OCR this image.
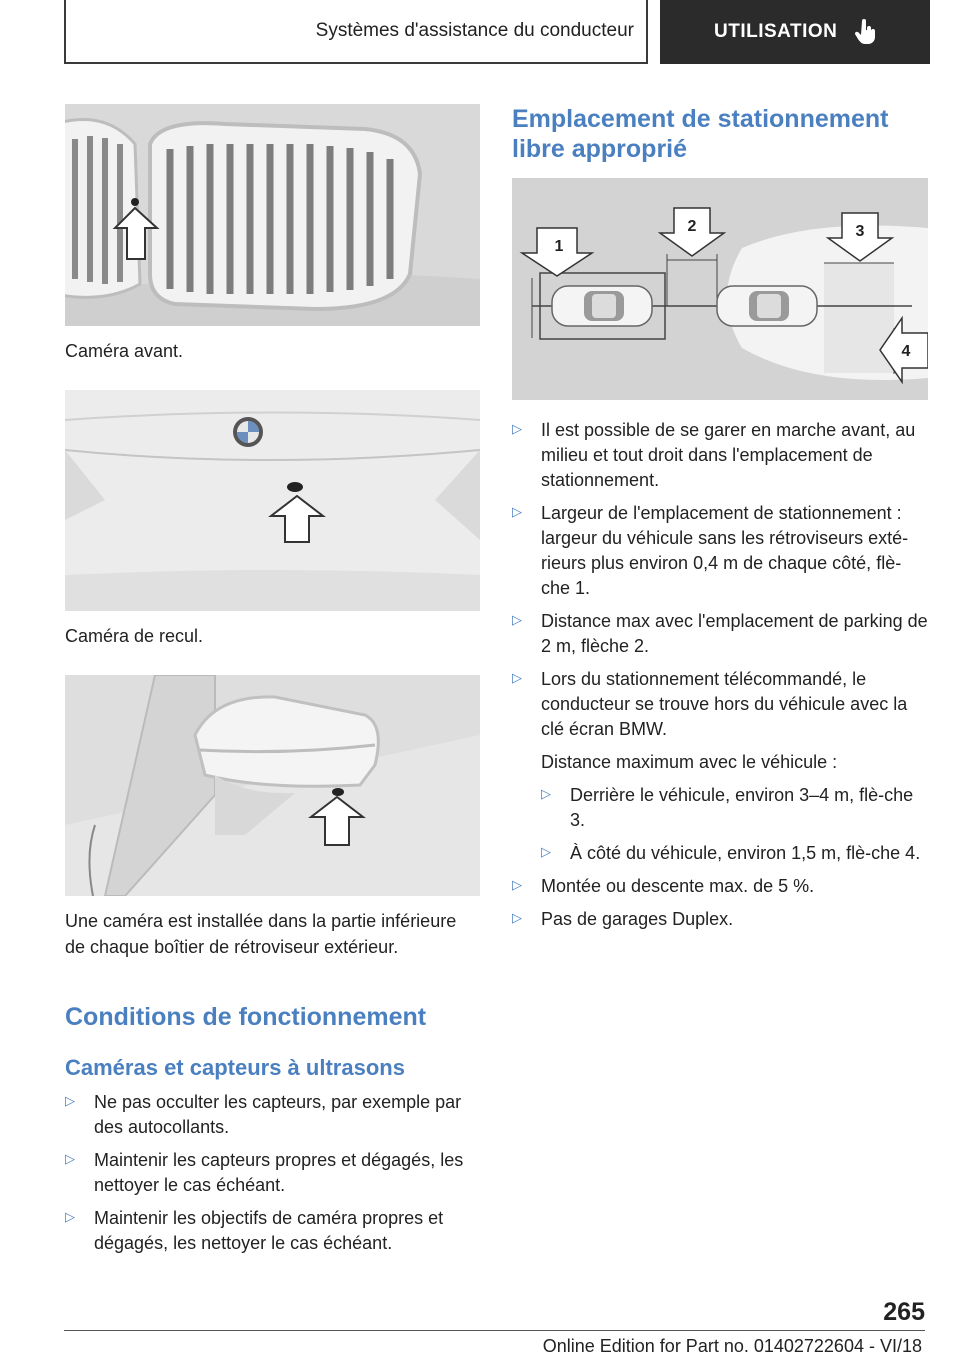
Systèmes d'assistance du conducteur	UTILISATION

Caméra avant.

Caméra de recul.

Une caméra est installée dans la partie inférieure de chaque boîtier de rétroviseur extérieur.

Conditions de fonctionnement
Caméras et capteurs à ultrasons
▷	Ne pas occulter les capteurs, par exemple par des autocollants.
▷	Maintenir les capteurs propres et dégagés, les nettoyer le cas échéant.
▷	Maintenir les objectifs de caméra propres et dégagés, les nettoyer le cas échéant.
Emplacement de stationnement libre approprié
1
2	3
4
▷	Il est possible de se garer en marche avant, au milieu et tout droit dans l'emplacement de stationnement.
▷	Largeur de l'emplacement de stationnement : largeur du véhicule sans les rétroviseurs exté-rieurs plus environ 0,4 m de chaque côté, flè-che 1.
▷	Distance max avec l'emplacement de parking de 2 m, flèche 2.
▷	Lors du stationnement télécommandé, le conducteur se trouve hors du véhicule avec la clé écran BMW.

Distance maximum avec le véhicule :

▷	Derrière le véhicule, environ 3–4 m, flè-che 3.
▷	À côté du véhicule, environ 1,5 m, flè-che 4.
▷	Montée ou descente max. de 5 %.
▷	Pas de garages Duplex.
265
Online Edition for Part no. 01402722604 - VI/18
